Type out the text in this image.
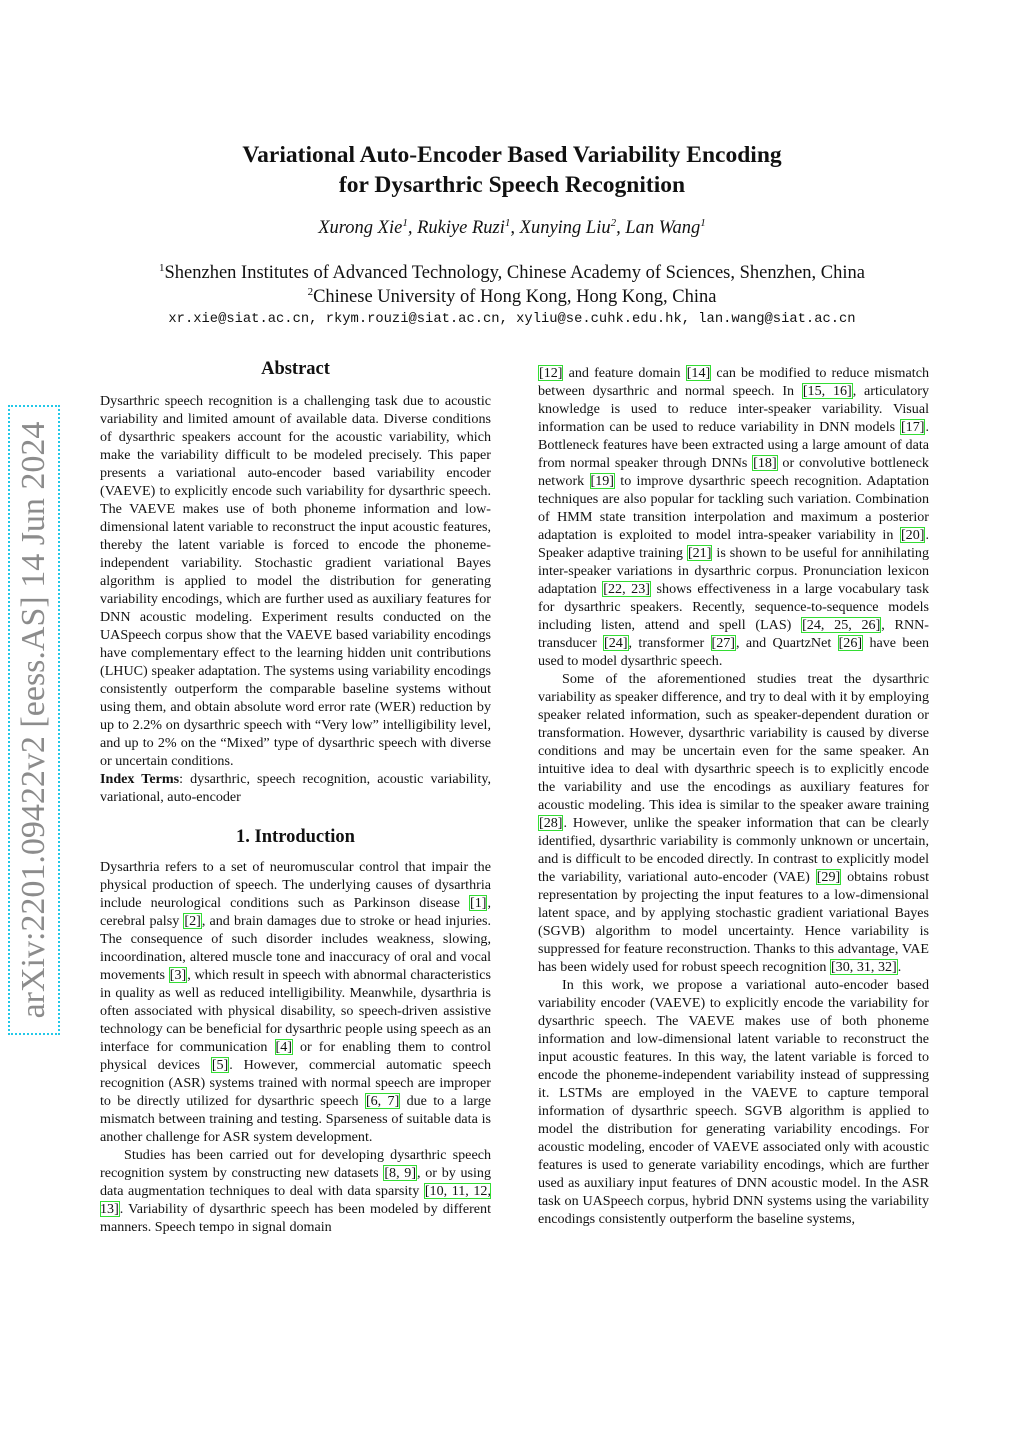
Variational Auto-Encoder Based Variability Encoding
for Dysarthric Speech Recognition
Xurong Xie$^1$, Rukiye Ruzi$^1$, Xunying Liu$^2$, Lan Wang$^1$
$^1$Shenzhen Institutes of Advanced Technology, Chinese Academy of Sciences, Shenzhen, China
$^2$Chinese University of Hong Kong, Hong Kong, China
xr.xie@siat.ac.cn, rkym.rouzi@siat.ac.cn, xyliu@se.cuhk.edu.hk, lan.wang@siat.ac.cn
arXiv:2201.09422v2 [eess.AS] 14 Jun 2024

Abstract

Dysarthric speech recognition is a challenging task due to acoustic variability and limited amount of available data. Diverse conditions of dysarthric speakers account for the acoustic variability, which make the variability difficult to be modeled precisely. This paper presents a variational auto-encoder based variability encoder (VAEVE) to explicitly encode such variability for dysarthric speech. The VAEVE makes use of both phoneme information and low-dimensional latent variable to reconstruct the input acoustic features, thereby the latent variable is forced to encode the phoneme-independent variability. Stochastic gradient variational Bayes algorithm is applied to model the distribution for generating variability encodings, which are further used as auxiliary features for DNN acoustic modeling. Experiment results conducted on the UASpeech corpus show that the VAEVE based variability encodings have complementary effect to the learning hidden unit contributions (LHUC) speaker adaptation. The systems using variability encodings consistently outperform the comparable baseline systems without using them, and obtain absolute word error rate (WER) reduction by up to 2.2% on dysarthric speech with “Very low” intelligibility level, and up to 2% on the “Mixed” type of dysarthric speech with diverse or uncertain conditions.

Index Terms: dysarthric, speech recognition, acoustic variability, variational, auto-encoder

1. Introduction

Dysarthria refers to a set of neuromuscular control that impair the physical production of speech. The underlying causes of dysarthria include neurological conditions such as Parkinson disease [1], cerebral palsy [2], and brain damages due to stroke or head injuries. The consequence of such disorder includes weakness, slowing, incoordination, altered muscle tone and inaccuracy of oral and vocal movements [3], which result in speech with abnormal characteristics in quality as well as reduced intelligibility. Meanwhile, dysarthria is often associated with physical disability, so speech-driven assistive technology can be beneficial for dysarthric people using speech as an interface for communication [4] or for enabling them to control physical devices [5]. However, commercial automatic speech recognition (ASR) systems trained with normal speech are improper to be directly utilized for dysarthric speech [6, 7] due to a large mismatch between training and testing. Sparseness of suitable data is another challenge for ASR system development.

Studies has been carried out for developing dysarthric speech recognition system by constructing new datasets [8, 9], or by using data augmentation techniques to deal with data sparsity [10, 11, 12, 13]. Variability of dysarthric speech has been modeled by different manners. Speech tempo in signal domain

[12] and feature domain [14] can be modified to reduce mismatch between dysarthric and normal speech. In [15, 16], articulatory knowledge is used to reduce inter-speaker variability. Visual information can be used to reduce variability in DNN models [17]. Bottleneck features have been extracted using a large amount of data from normal speaker through DNNs [18] or convolutive bottleneck network [19] to improve dysarthric speech recognition. Adaptation techniques are also popular for tackling such variation. Combination of HMM state transition interpolation and maximum a posterior adaptation is exploited to model intra-speaker variability in [20]. Speaker adaptive training [21] is shown to be useful for annihilating inter-speaker variations in dysarthric corpus. Pronunciation lexicon adaptation [22, 23] shows effectiveness in a large vocabulary task for dysarthric speakers. Recently, sequence-to-sequence models including listen, attend and spell (LAS) [24, 25, 26], RNN-transducer [24], transformer [27], and QuartzNet [26] have been used to model dysarthric speech.

Some of the aforementioned studies treat the dysarthric variability as speaker difference, and try to deal with it by employing speaker related information, such as speaker-dependent duration or transformation. However, dysarthric variability is caused by diverse conditions and may be uncertain even for the same speaker. An intuitive idea to deal with dysarthric speech is to explicitly encode the variability and use the encodings as auxiliary features for acoustic modeling. This idea is similar to the speaker aware training [28]. However, unlike the speaker information that can be clearly identified, dysarthric variability is commonly unknown or uncertain, and is difficult to be encoded directly. In contrast to explicitly model the variability, variational auto-encoder (VAE) [29] obtains robust representation by projecting the input features to a low-dimensional latent space, and by applying stochastic gradient variational Bayes (SGVB) algorithm to model uncertainty. Hence variability is suppressed for feature reconstruction. Thanks to this advantage, VAE has been widely used for robust speech recognition [30, 31, 32].

In this work, we propose a variational auto-encoder based variability encoder (VAEVE) to explicitly encode the variability for dysarthric speech. The VAEVE makes use of both phoneme information and low-dimensional latent variable to reconstruct the input acoustic features. In this way, the latent variable is forced to encode the phoneme-independent variability instead of suppressing it. LSTMs are employed in the VAEVE to capture temporal information of dysarthric speech. SGVB algorithm is applied to model the distribution for generating variability encodings. For acoustic modeling, encoder of VAEVE associated only with acoustic features is used to generate variability encodings, which are further used as auxiliary input features of DNN acoustic model. In the ASR task on UASpeech corpus, hybrid DNN systems using the variability encodings consistently outperform the baseline systems,
